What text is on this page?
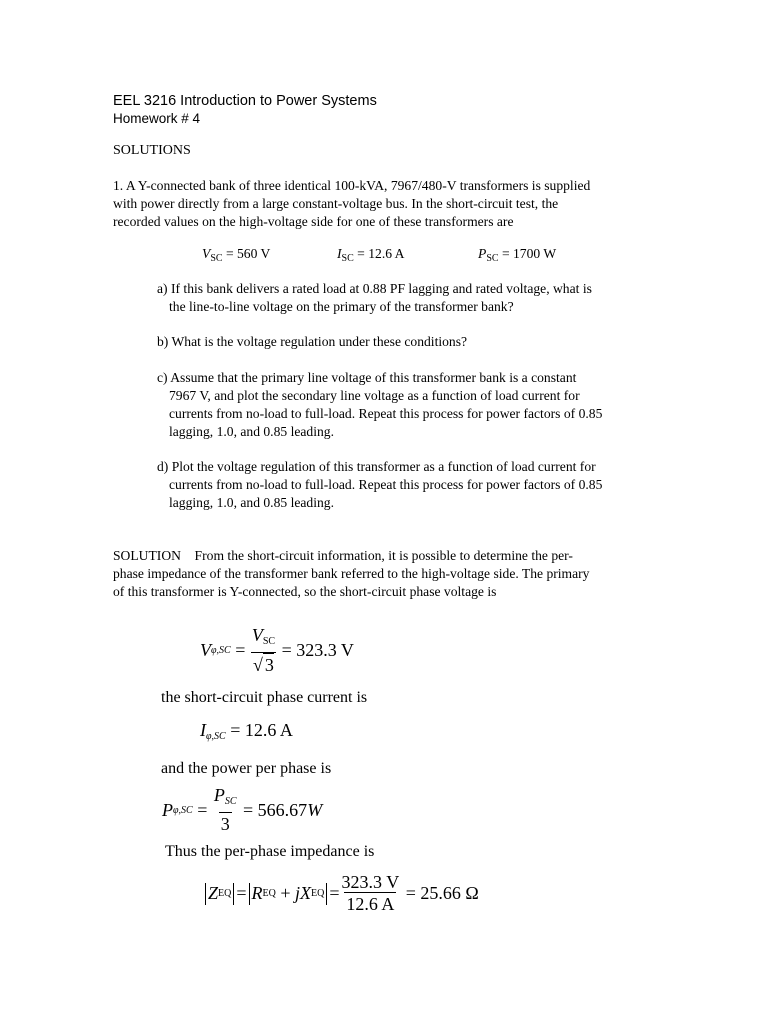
EEL 3216 Introduction to Power Systems
Homework # 4
SOLUTIONS
1. A Y-connected bank of three identical 100-kVA, 7967/480-V transformers is supplied
with power directly from a large constant-voltage bus. In the short-circuit test, the
recorded values on the high-voltage side for one of these transformers are
$V_{SC} = 560$ V	$I_{SC} = 12.6$ A	$P_{SC} = 1700$ W
a) If this bank delivers a rated load at 0.88 PF lagging and rated voltage, what is
the line-to-line voltage on the primary of the transformer bank?
b) What is the voltage regulation under these conditions?
c) Assume that the primary line voltage of this transformer bank is a constant
7967 V, and plot the secondary line voltage as a function of load current for
currents from no-load to full-load. Repeat this process for power factors of 0.85
lagging, 1.0, and 0.85 leading.
d) Plot the voltage regulation of this transformer as a function of load current for
currents from no-load to full-load. Repeat this process for power factors of 0.85
lagging, 1.0, and 0.85 leading.
SOLUTION    From the short-circuit information, it is possible to determine the per-
phase impedance of the transformer bank referred to the high-voltage side. The primary
of this transformer is Y-connected, so the short-circuit phase voltage is
V $\varphi,SC = \frac{V_{SC}}{√ 3} = 323.3$ V
the short-circuit phase current is
$I_{\varphi,SC} = 12.6$ A
and the power per phase is
P $\varphi,SC = \frac{P_{SC}}{3} = 566.67$ W
Thus the per-phase impedance is
Z EQ = R EQ + jX EQ = $\frac{323.3 V}{12.6 A} = 25.66$ Ω
